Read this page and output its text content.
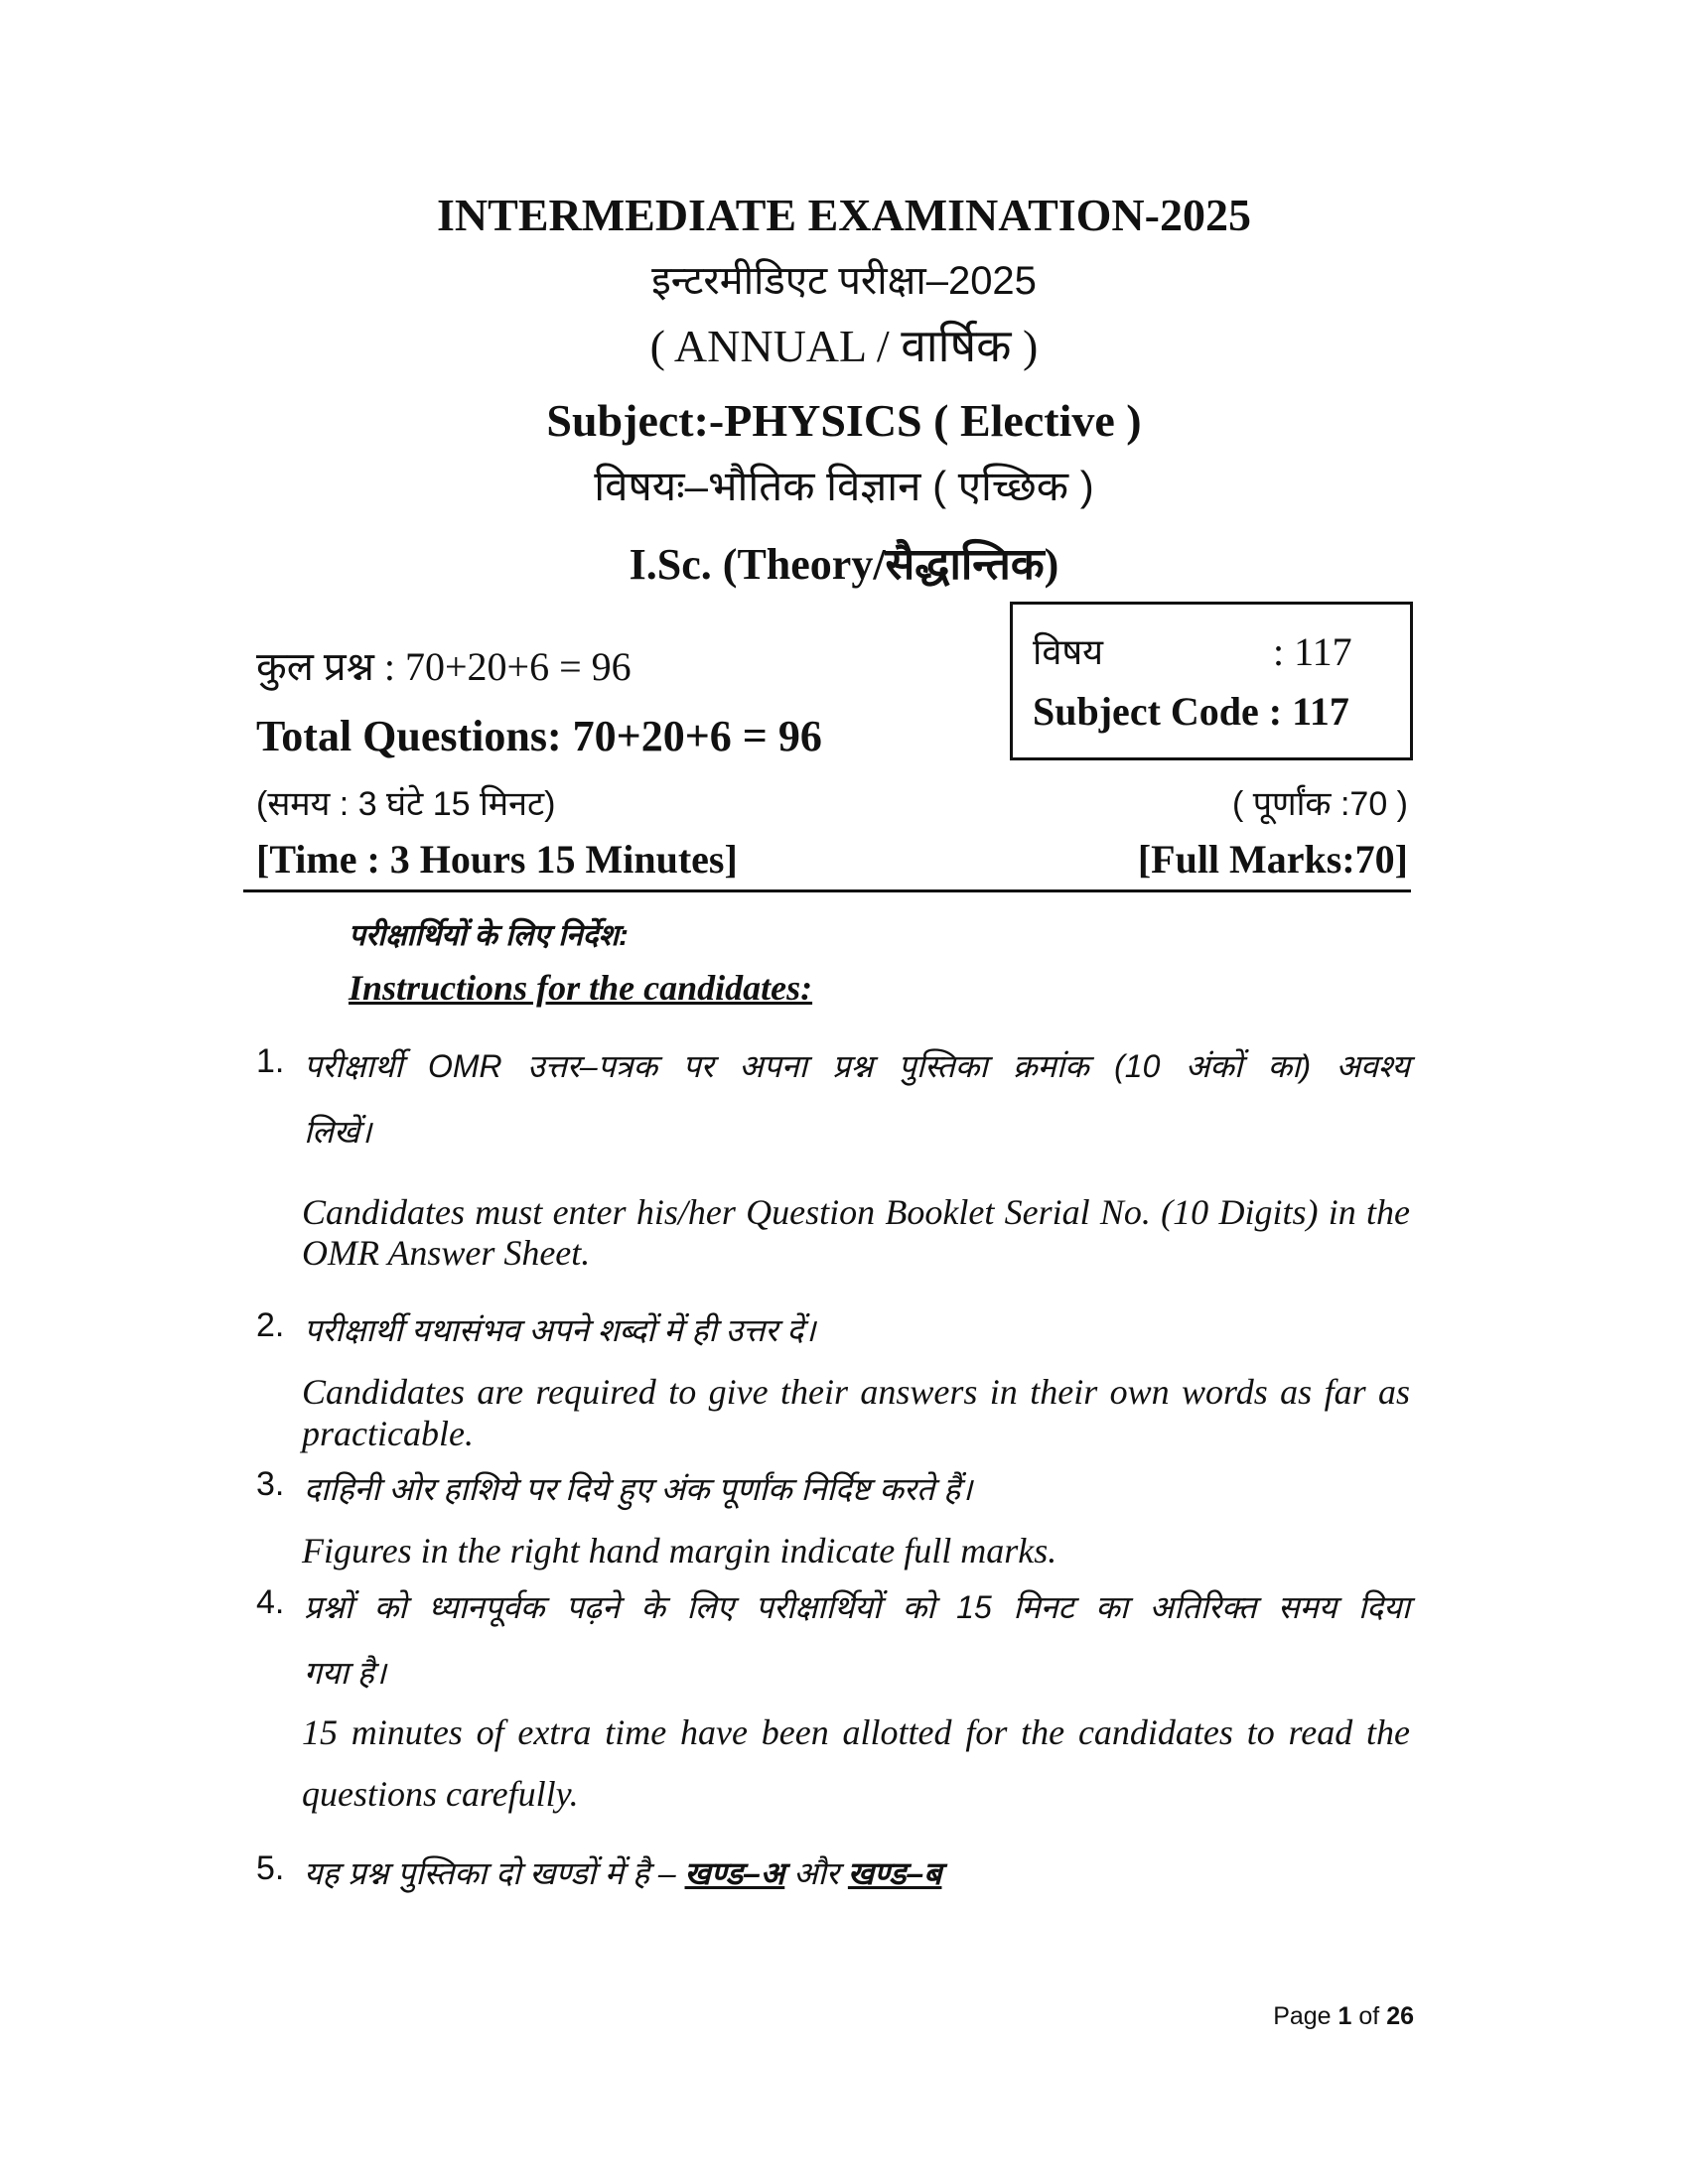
INTERMEDIATE EXAMINATION-2025
इन्टरमीडिएट परीक्षा–2025
( ANNUAL / वार्षिक )
Subject:-PHYSICS ( Elective )
विषयः–भौतिक विज्ञान ( एच्छिक )
I.Sc. (Theory/सैद्धान्तिक)
विषय	: 117
Subject Code : 117
कुल प्रश्न : 70+20+6 = 96
Total Questions: 70+20+6 = 96
(समय : 3 घंटे 15 मिनट)	( पूर्णांक :70 )
[Time : 3 Hours 15 Minutes]	[Full Marks:70]
परीक्षार्थियों के लिए निर्देश:
Instructions for the candidates:
1. परीक्षार्थी OMR उत्तर–पत्रक पर अपना प्रश्न पुस्तिका क्रमांक (10 अंकों का) अवश्य
लिखें।
Candidates must enter his/her Question Booklet Serial No. (10 Digits) in the
OMR Answer Sheet.
2. परीक्षार्थी यथासंभव अपने शब्दों में ही उत्तर दें।
Candidates are required to give their answers in their own words as far as
practicable.
3. दाहिनी ओर हाशिये पर दिये हुए अंक पूर्णांक निर्दिष्ट करते हैं।
Figures in the right hand margin indicate full marks.
4. प्रश्नों को ध्यानपूर्वक पढ़ने के लिए परीक्षार्थियों को 15 मिनट का अतिरिक्त समय दिया
गया है।
15 minutes of extra time have been allotted for the candidates to read the
questions carefully.
5. यह प्रश्न पुस्तिका दो खण्डों में है – खण्ड–अ और खण्ड–ब
Page 1 of 26
